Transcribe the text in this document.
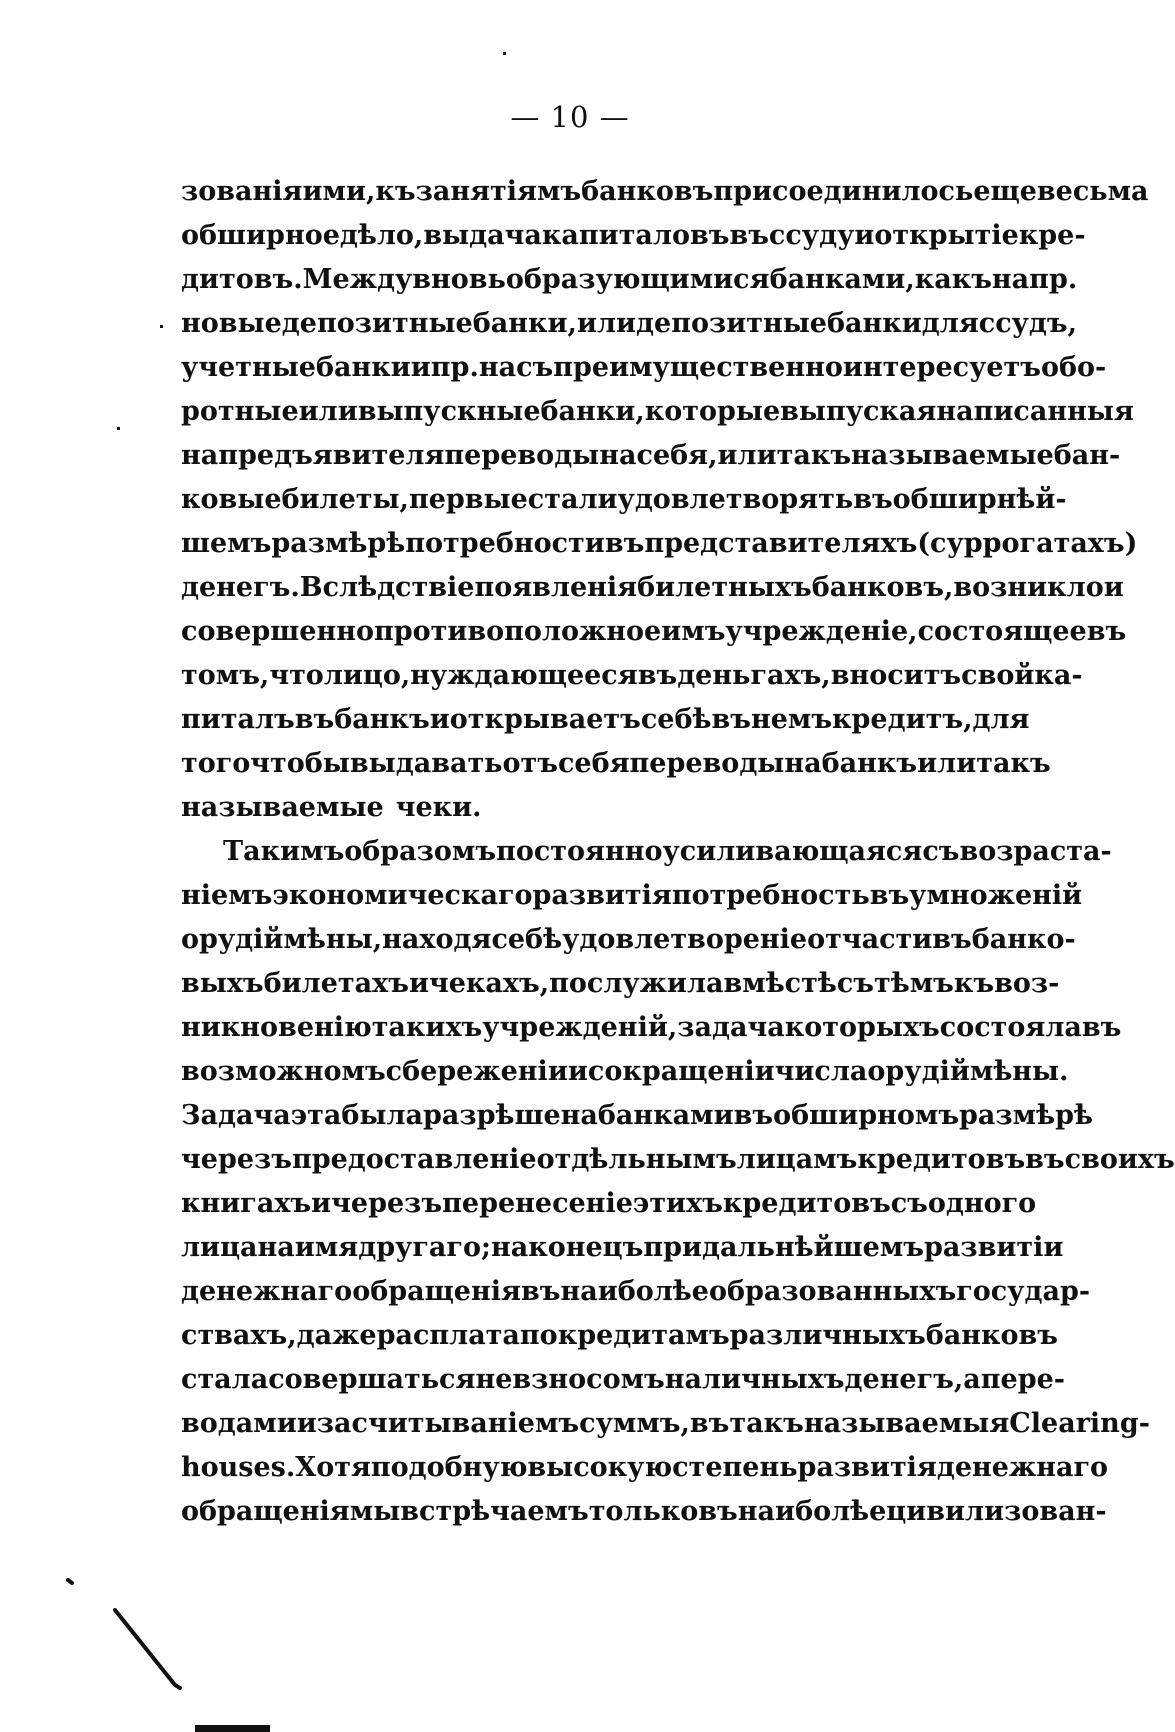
— 10 —
зованія ими, къ занятіямъ банковъ присоединилось еще весьма
обширное дѣло, выдача капиталовъ въ ссуду и открытіе кре-
дитовъ. Между вновь образующимися банками, какъ напр.
новые депозитные банки, или депозитные банки для ссудъ,
учетные банки и пр. насъ преимущественно интересуетъ обо-
ротные или выпускные банки, которые выпуская написанныя
на предъявителя переводы на себя, или такъ называемые бан-
ковые билеты, первые стали удовлетворять въ обширнѣй-
шемъ размѣрѣ потребности въ представителяхъ (суррогатахъ)
денегъ. Вслѣдствіе появленія билетныхъ банковъ, возникло и
совершенно противоположное имъ учрежденіе, состоящее въ
томъ, что лицо, нуждающееся въ деньгахъ, вноситъ свой ка-
питалъ въ банкъ и открываетъ себѣ въ немъ кредитъ, для
того чтобы выдавать отъ себя переводы на банкъ или такъ
называемые чеки.
Такимъ образомъ постоянно усиливающаяся съ возраста-
ніемъ экономическаго развитія потребность въ умноженій
орудій мѣны, находя себѣ удовлетвореніе отчасти въ банко-
выхъ билетахъ и чекахъ, послужила вмѣстѣ съ тѣмъ къ воз-
никновенію такихъ учрежденій, задача которыхъ состояла въ
возможномъ сбереженіи и сокращеніи числа орудій мѣны.
Задача эта была разрѣшена банками въ обширномъ размѣрѣ
черезъ предоставленіе отдѣльнымъ лицамъ кредитовъ въ своихъ
книгахъ и черезъ перенесеніе этихъ кредитовъ съ одного
лица на имя другаго; наконецъ при дальнѣйшемъ развитіи
денежнаго обращенія въ наиболѣе образованныхъ государ-
ствахъ, даже расплата по кредитамъ различныхъ банковъ
стала совершаться не взносомъ наличныхъ денегъ, а пере-
водами и засчитываніемъ суммъ, въ такъ называемыя Clearing-
houses. Хотя подобную высокую степень развитія денежнаго
обращенія мы встрѣчаемъ только въ наиболѣе цивилизован-
